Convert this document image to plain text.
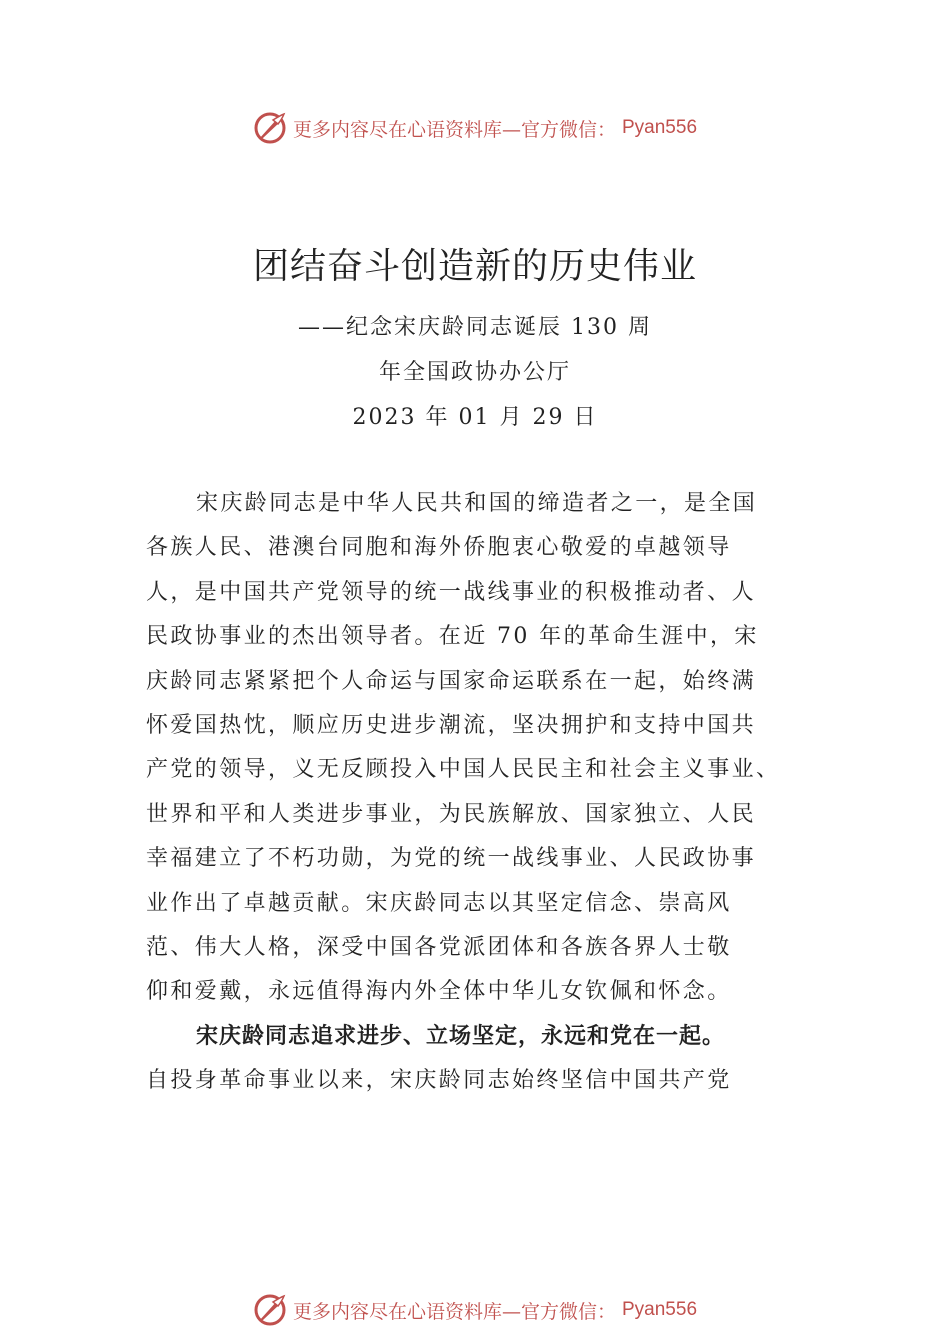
更多内容尽在心语资料库—官方微信： Pyan556
团结奋斗创造新的历史伟业
——纪念宋庆龄同志诞辰 130 周
年全国政协办公厅
2023 年 01 月 29 日
宋庆龄同志是中华人民共和国的缔造者之一，是全国
各族人民、港澳台同胞和海外侨胞衷心敬爱的卓越领导
人，是中国共产党领导的统一战线事业的积极推动者、人
民政协事业的杰出领导者。在近 70 年的革命生涯中，宋
庆龄同志紧紧把个人命运与国家命运联系在一起，始终满
怀爱国热忱，顺应历史进步潮流，坚决拥护和支持中国共
产党的领导，义无反顾投入中国人民民主和社会主义事业、
世界和平和人类进步事业，为民族解放、国家独立、人民
幸福建立了不朽功勋，为党的统一战线事业、人民政协事
业作出了卓越贡献。宋庆龄同志以其坚定信念、崇高风
范、伟大人格，深受中国各党派团体和各族各界人士敬
仰和爱戴，永远值得海内外全体中华儿女钦佩和怀念。
宋庆龄同志追求进步、立场坚定，永远和党在一起。
自投身革命事业以来，宋庆龄同志始终坚信中国共产党
更多内容尽在心语资料库—官方微信： Pyan556
